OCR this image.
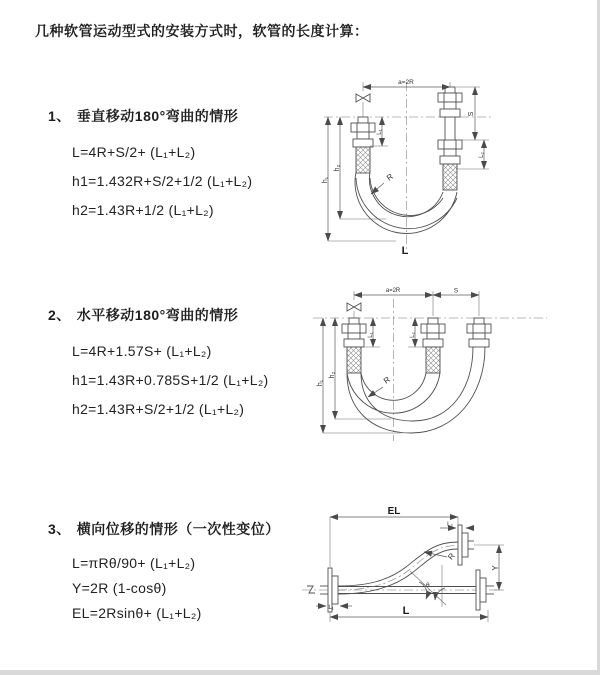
几种软管运动型式的安装方式时，软管的长度计算：
1、 垂直移动180°弯曲的情形
L=4R+S/2+ (L₁+L₂)
h1=1.432R+S/2+1/2 (L₁+L₂)
h2=1.43R+1/2 (L₁+L₂)
2、 水平移动180°弯曲的情形
L=4R+1.57S+ (L₁+L₂)
h1=1.43R+0.785S+1/2 (L₁+L₂)
h2=1.43R+S/2+1/2 (L₁+L₂)
3、 横向位移的情形（一次性变位）
L=πRθ/90+ (L₁+L₂)
Y=2R (1-cosθ)
EL=2Rsinθ+ (L₁+L₂)
a=2R
S
L₂
h₁
h₂
L₁
R
L
a=2R	S
h₁
h₂
L₁	L₂
R
EL
L₂
Y
L
L₁
R
θ
